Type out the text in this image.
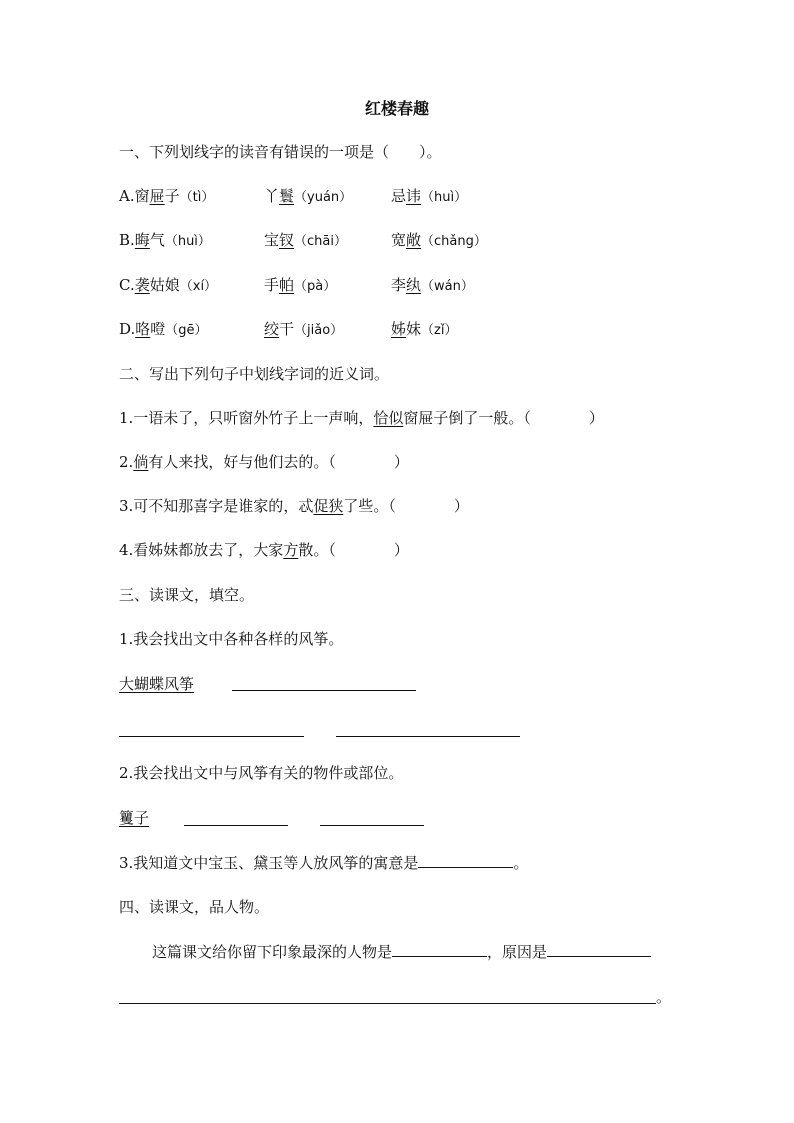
红楼春趣
一、下列划线字的读音有错误的一项是（　　）。
A.窗屉子（tì）	丫鬟（yuán）	忌讳（huì）
B.晦气（huì）	宝钗（chāi）	宽敞（chǎng）
C.袭姑娘（xí）	手帕（pà）	李纨（wán）
D.咯噔（gē）	绞干（jiǎo）	姊妹（zǐ）
二、写出下列句子中划线字词的近义词。
1.一语未了，只听窗外竹子上一声响，恰似窗屉子倒了一般。（	）
2.倘有人来找，好与他们去的。（	）
3.可不知那喜字是谁家的，忒促狭了些。（	）
4.看姊妹都放去了，大家方散。（	）
三、读课文，填空。
1.我会找出文中各种各样的风筝。
大蝴蝶风筝
2.我会找出文中与风筝有关的物件或部位。
籰子
3.我知道文中宝玉、黛玉等人放风筝的寓意是	。
四、读课文，品人物。
这篇课文给你留下印象最深的人物是	，原因是
。
